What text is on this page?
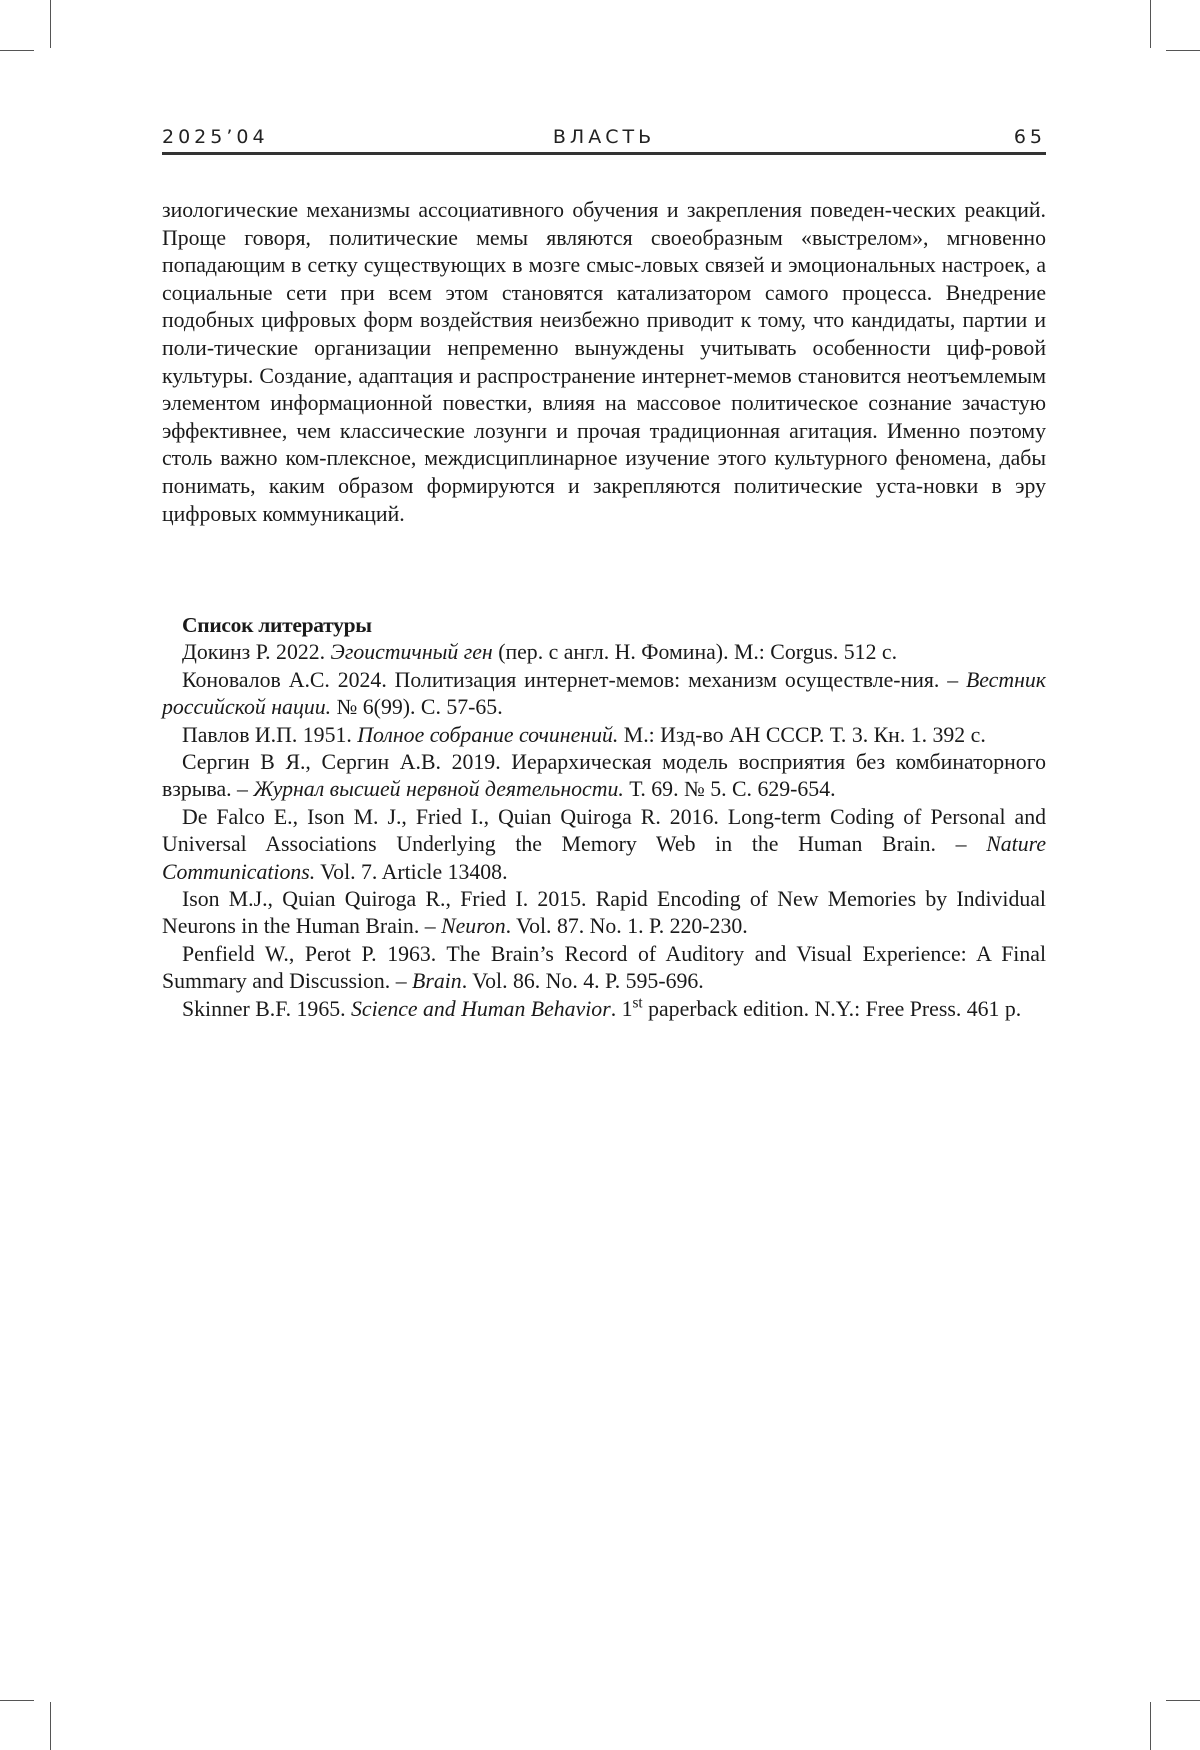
2025’04	ВЛАСТЬ	65

зиологические механизмы ассоциативного обучения и закрепления поведен-ческих реакций. Проще говоря, политические мемы являются своеобразным «выстрелом», мгновенно попадающим в сетку существующих в мозге смыс-ловых связей и эмоциональных настроек, а социальные сети при всем этом становятся катализатором самого процесса. Внедрение подобных цифровых форм воздействия неизбежно приводит к тому, что кандидаты, партии и поли-тические организации непременно вынуждены учитывать особенности циф-ровой культуры. Создание, адаптация и распространение интернет-мемов становится неотъемлемым элементом информационной повестки, влияя на массовое политическое сознание зачастую эффективнее, чем классические лозунги и прочая традиционная агитация. Именно поэтому столь важно ком-плексное, междисциплинарное изучение этого культурного феномена, дабы понимать, каким образом формируются и закрепляются политические уста-новки в эру цифровых коммуникаций.

Список литературы
Докинз Р. 2022. Эгоистичный ген (пер. с англ. Н. Фомина). М.: Corgus. 512 с.
Коновалов А.С. 2024. Политизация интернет-мемов: механизм осуществле-ния. – Вестник российской нации. № 6(99). С. 57-65.
Павлов И.П. 1951. Полное собрание сочинений. М.: Изд-во АН СССР. Т. 3. Кн. 1. 392 с.
Сергин В Я., Сергин А.В. 2019. Иерархическая модель восприятия без комбинаторного взрыва. – Журнал высшей нервной деятельности. Т. 69. № 5. С. 629-654.
De Falco E., Ison M. J., Fried I., Quian Quiroga R. 2016. Long-term Coding of Personal and Universal Associations Underlying the Memory Web in the Human Brain. – Nature Communications. Vol. 7. Article 13408.
Ison M.J., Quian Quiroga R., Fried I. 2015. Rapid Encoding of New Memories by Individual Neurons in the Human Brain. – Neuron. Vol. 87. No. 1. P. 220-230.
Penfield W., Perot P. 1963. The Brain’s Record of Auditory and Visual Experience: A Final Summary and Discussion. – Brain. Vol. 86. No. 4. P. 595-696.
Skinner B.F. 1965. Science and Human Behavior. 1st paperback edition. N.Y.: Free Press. 461 p.
